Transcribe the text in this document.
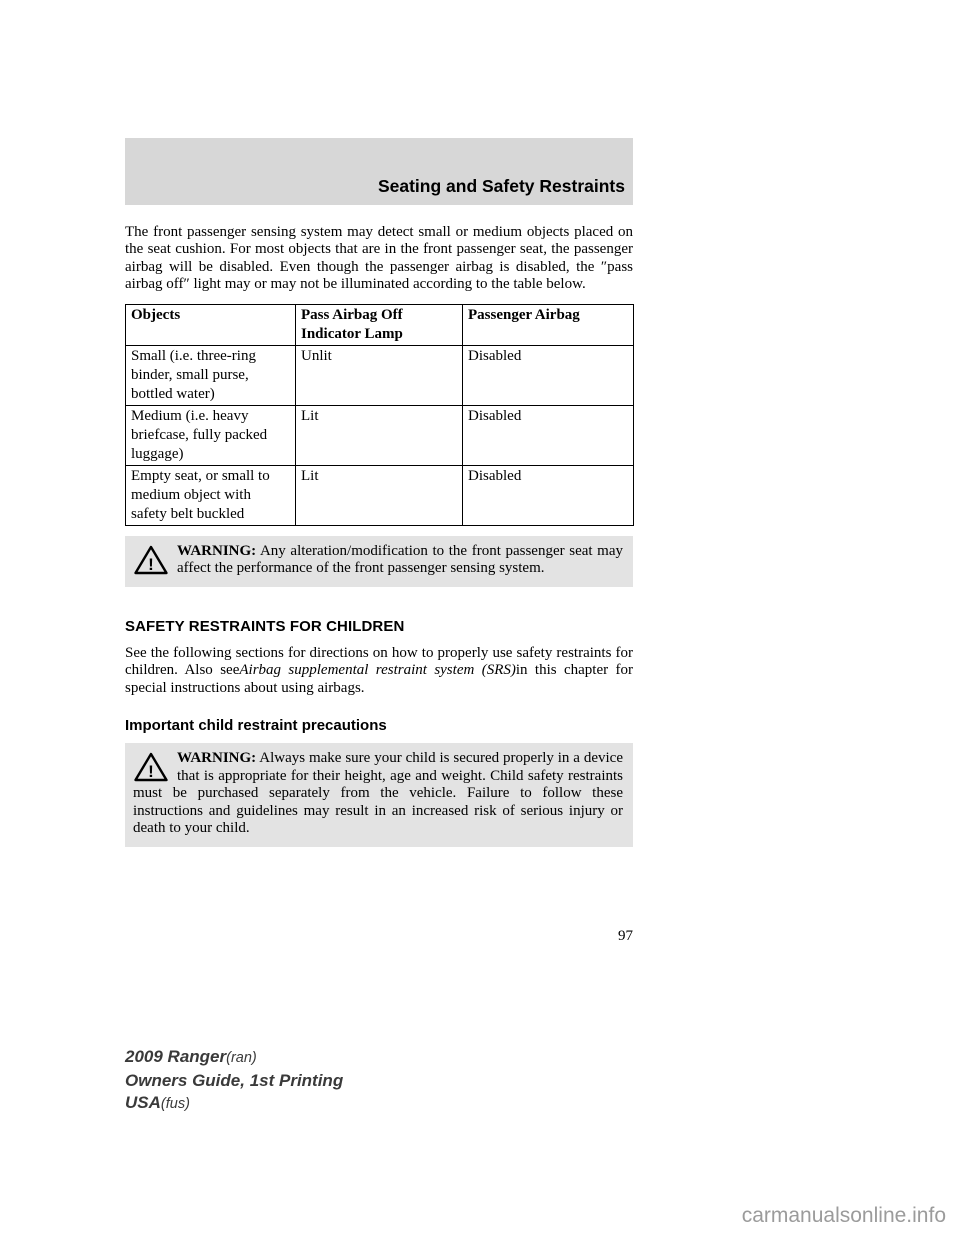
Seating and Safety Restraints

The front passenger sensing system may detect small or medium objects placed on the seat cushion. For most objects that are in the front passenger seat, the passenger airbag will be disabled. Even though the passenger airbag is disabled, the ″pass airbag off″ light may or may not be illuminated according to the table below.

Objects	Pass Airbag Off Indicator Lamp	Passenger Airbag
Small (i.e. three-ring binder, small purse, bottled water)	Unlit	Disabled
Medium (i.e. heavy briefcase, fully packed luggage)	Lit	Disabled
Empty seat, or small to medium object with safety belt buckled	Lit	Disabled
!
WARNING: Any alteration/modification to the front passenger seat may affect the performance of the front passenger sensing system.
SAFETY RESTRAINTS FOR CHILDREN

See the following sections for directions on how to properly use safety restraints for children. Also seeAirbag supplemental restraint system (SRS)in this chapter for special instructions about using airbags.

Important child restraint precautions
!
WARNING: Always make sure your child is secured properly in a device that is appropriate for their height, age and weight. Child safety restraints must be purchased separately from the vehicle. Failure to follow these instructions and guidelines may result in an increased risk of serious injury or death to your child.
97
2009 Ranger(ran)
Owners Guide, 1st Printing
USA(fus)
carmanualsonline.info
